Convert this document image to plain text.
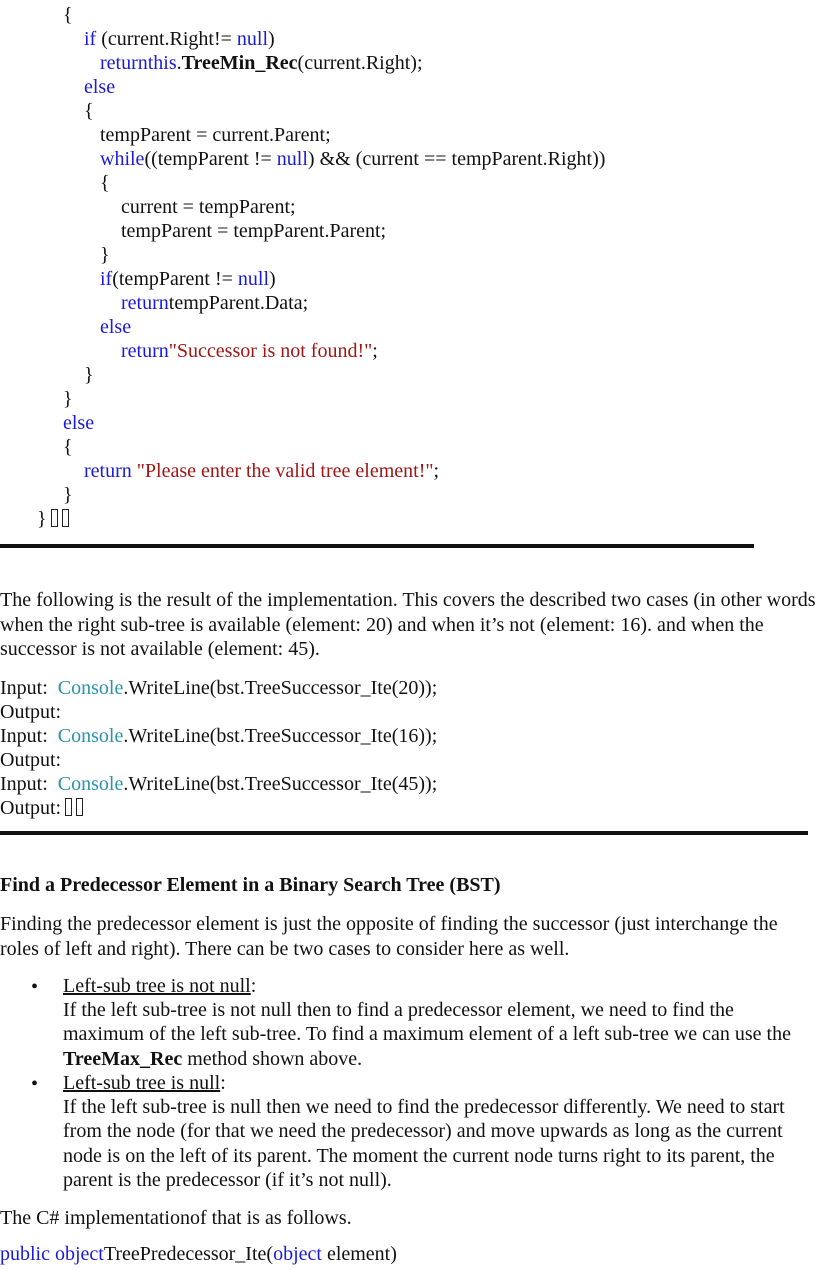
{
if (current.Right!= null)
returnthis.TreeMin_Rec(current.Right);
else
{
tempParent = current.Parent;
while((tempParent != null) && (current == tempParent.Right))
{
current = tempParent;
tempParent = tempParent.Parent;
}
if(tempParent != null)
returntempParent.Data;
else
return"Successor is not found!";
}
}
else
{
return "Please enter the valid tree element!";
}
}
The following is the result of the implementation. This covers the described two cases (in other words when the right sub-tree is available (element: 20) and when it’s not (element: 16). and when the successor is not available (element: 45).
Input: Console.WriteLine(bst.TreeSuccessor_Ite(20));
Output:
Input: Console.WriteLine(bst.TreeSuccessor_Ite(16));
Output:
Input: Console.WriteLine(bst.TreeSuccessor_Ite(45));
Output:
Find a Predecessor Element in a Binary Search Tree (BST)
Finding the predecessor element is just the opposite of finding the successor (just interchange the roles of left and right). There can be two cases to consider here as well.
• Left-sub tree is not null:
If the left sub-tree is not null then to find a predecessor element, we need to find the maximum of the left sub-tree. To find a maximum element of a left sub-tree we can use the TreeMax_Rec method shown above.
• Left-sub tree is null:
If the left sub-tree is null then we need to find the predecessor differently. We need to start from the node (for that we need the predecessor) and move upwards as long as the current node is on the left of its parent. The moment the current node turns right to its parent, the parent is the predecessor (if it’s not null).
The C# implementationof that is as follows.
public objectTreePredecessor_Ite(object element)
